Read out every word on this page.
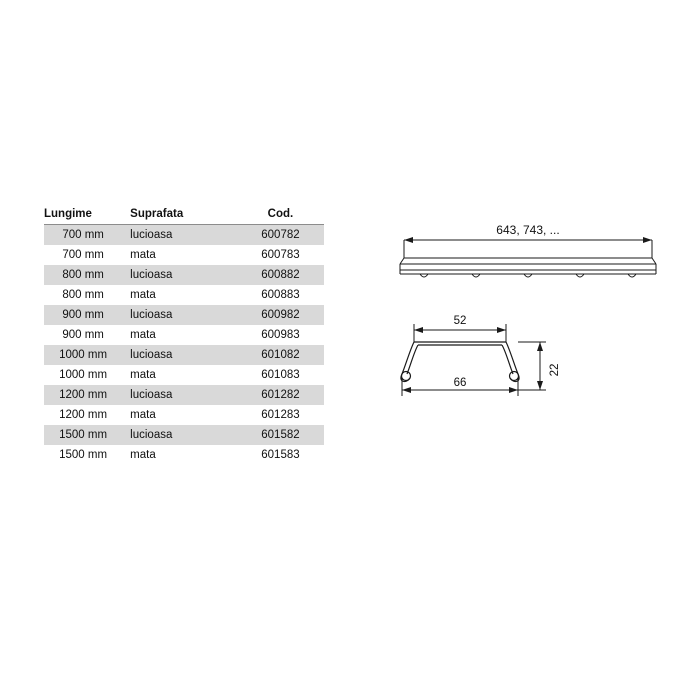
Lungime	Suprafata	Cod.
700 mm	lucioasa	600782
700 mm	mata	600783
800 mm	lucioasa	600882
800 mm	mata	600883
900 mm	lucioasa	600982
900 mm	mata	600983
1000 mm	lucioasa	601082
1000 mm	mata	601083
1200 mm	lucioasa	601282
1200 mm	mata	601283
1500 mm	lucioasa	601582
1500 mm	mata	601583
643, 743, ...
52
22
66
